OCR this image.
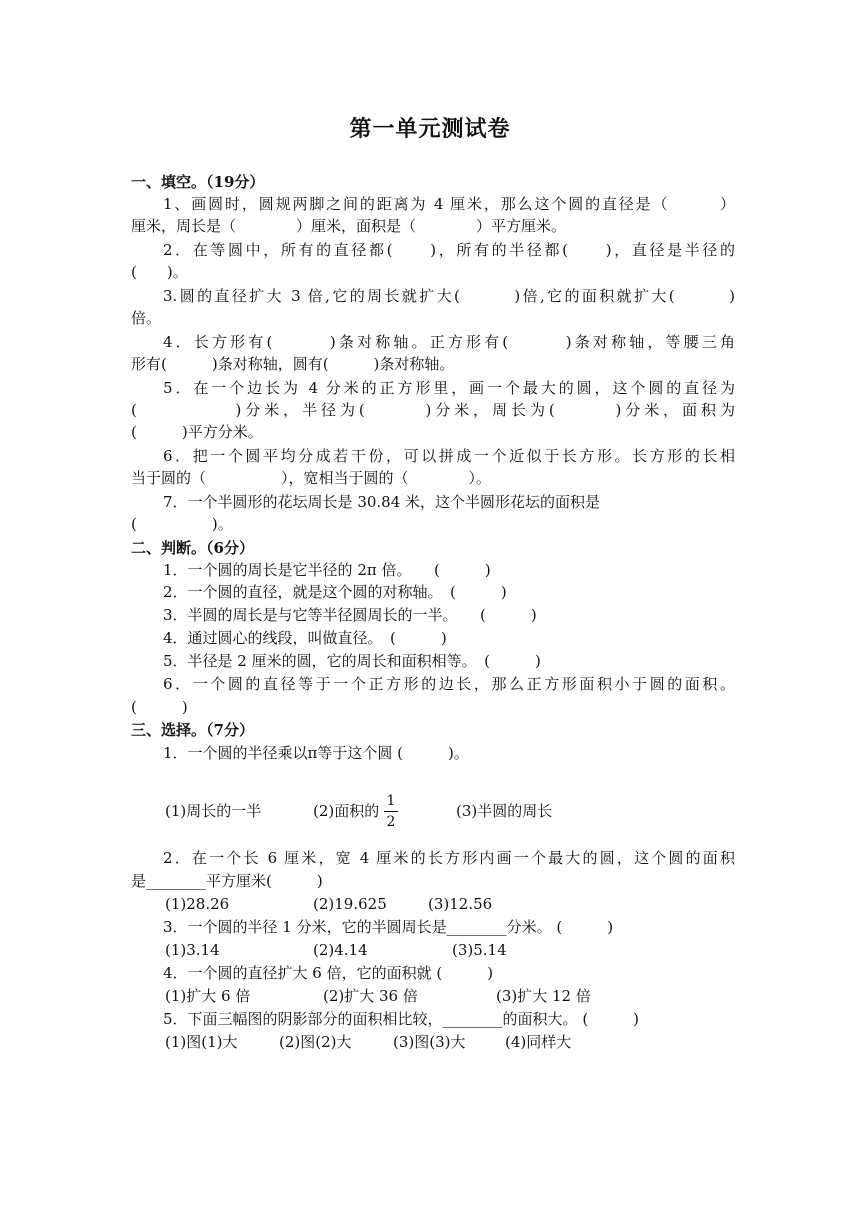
第一单元测试卷
一、填空。（19分）
1、画圆时，圆规两脚之间的距离为 4 厘米，那么这个圆的直径是（　　　）
厘米，周长是（　　　　）厘米，面积是（　　　　）平方厘米。
2．在等圆中，所有的直径都(　　)，所有的半径都(　　)，直径是半径的
(　　)。
3.圆的直径扩大 3 倍,它的周长就扩大(　　　)倍,它的面积就扩大(　　　)
倍。
4．长方形有(　　　)条对称轴。正方形有(　　　)条对称轴，等腰三角
形有(　　　)条对称轴，圆有(　　　)条对称轴。
5．在一个边长为 4 分米的正方形里，画一个最大的圆，这个圆的直径为
(　　　　　)分米，半径为(　　　)分米，周长为(　　　)分米，面积为
(　　　)平方分米。
6．把一个圆平均分成若干份，可以拼成一个近似于长方形。长方形的长相
当于圆的（　　　　　），宽相当于圆的（　　　　）。
7．一个半圆形的花坛周长是 30.84 米，这个半圆形花坛的面积是
(　　　　　)。
二、判断。（6分）
1．一个圆的周长是它半径的 2π 倍。　　(　　　)
2．一个圆的直径，就是这个圆的对称轴。　(　　　)
3．半圆的周长是与它等半径圆周长的一半。　　(　　　)
4．通过圆心的线段，叫做直径。　(　　　)
5．半径是 2 厘米的圆，它的周长和面积相等。　(　　　)
6．一个圆的直径等于一个正方形的边长，那么正方形面积小于圆的面积。
(　　　)
三、选择。（7分）
1．一个圆的半径乘以π等于这个圆 (　　　)。
(1)周长的一半	(2)面积的
1
2
(3)半圆的周长
2．在一个长 6 厘米，宽 4 厘米的长方形内画一个最大的圆，这个圆的面积
是________平方厘米(　　　)
(1)28.26	(2)19.625	(3)12.56
3．一个圆的半径 1 分米，它的半圆周长是________分米。 (　　　)
(1)3.14	(2)4.14	(3)5.14
4．一个圆的直径扩大 6 倍，它的面积就 (　　　)
(1)扩大 6 倍	(2)扩大 36 倍	(3)扩大 12 倍
5．下面三幅图的阴影部分的面积相比较，________的面积大。 (　　　)
(1)图(1)大	(2)图(2)大	(3)图(3)大	(4)同样大
